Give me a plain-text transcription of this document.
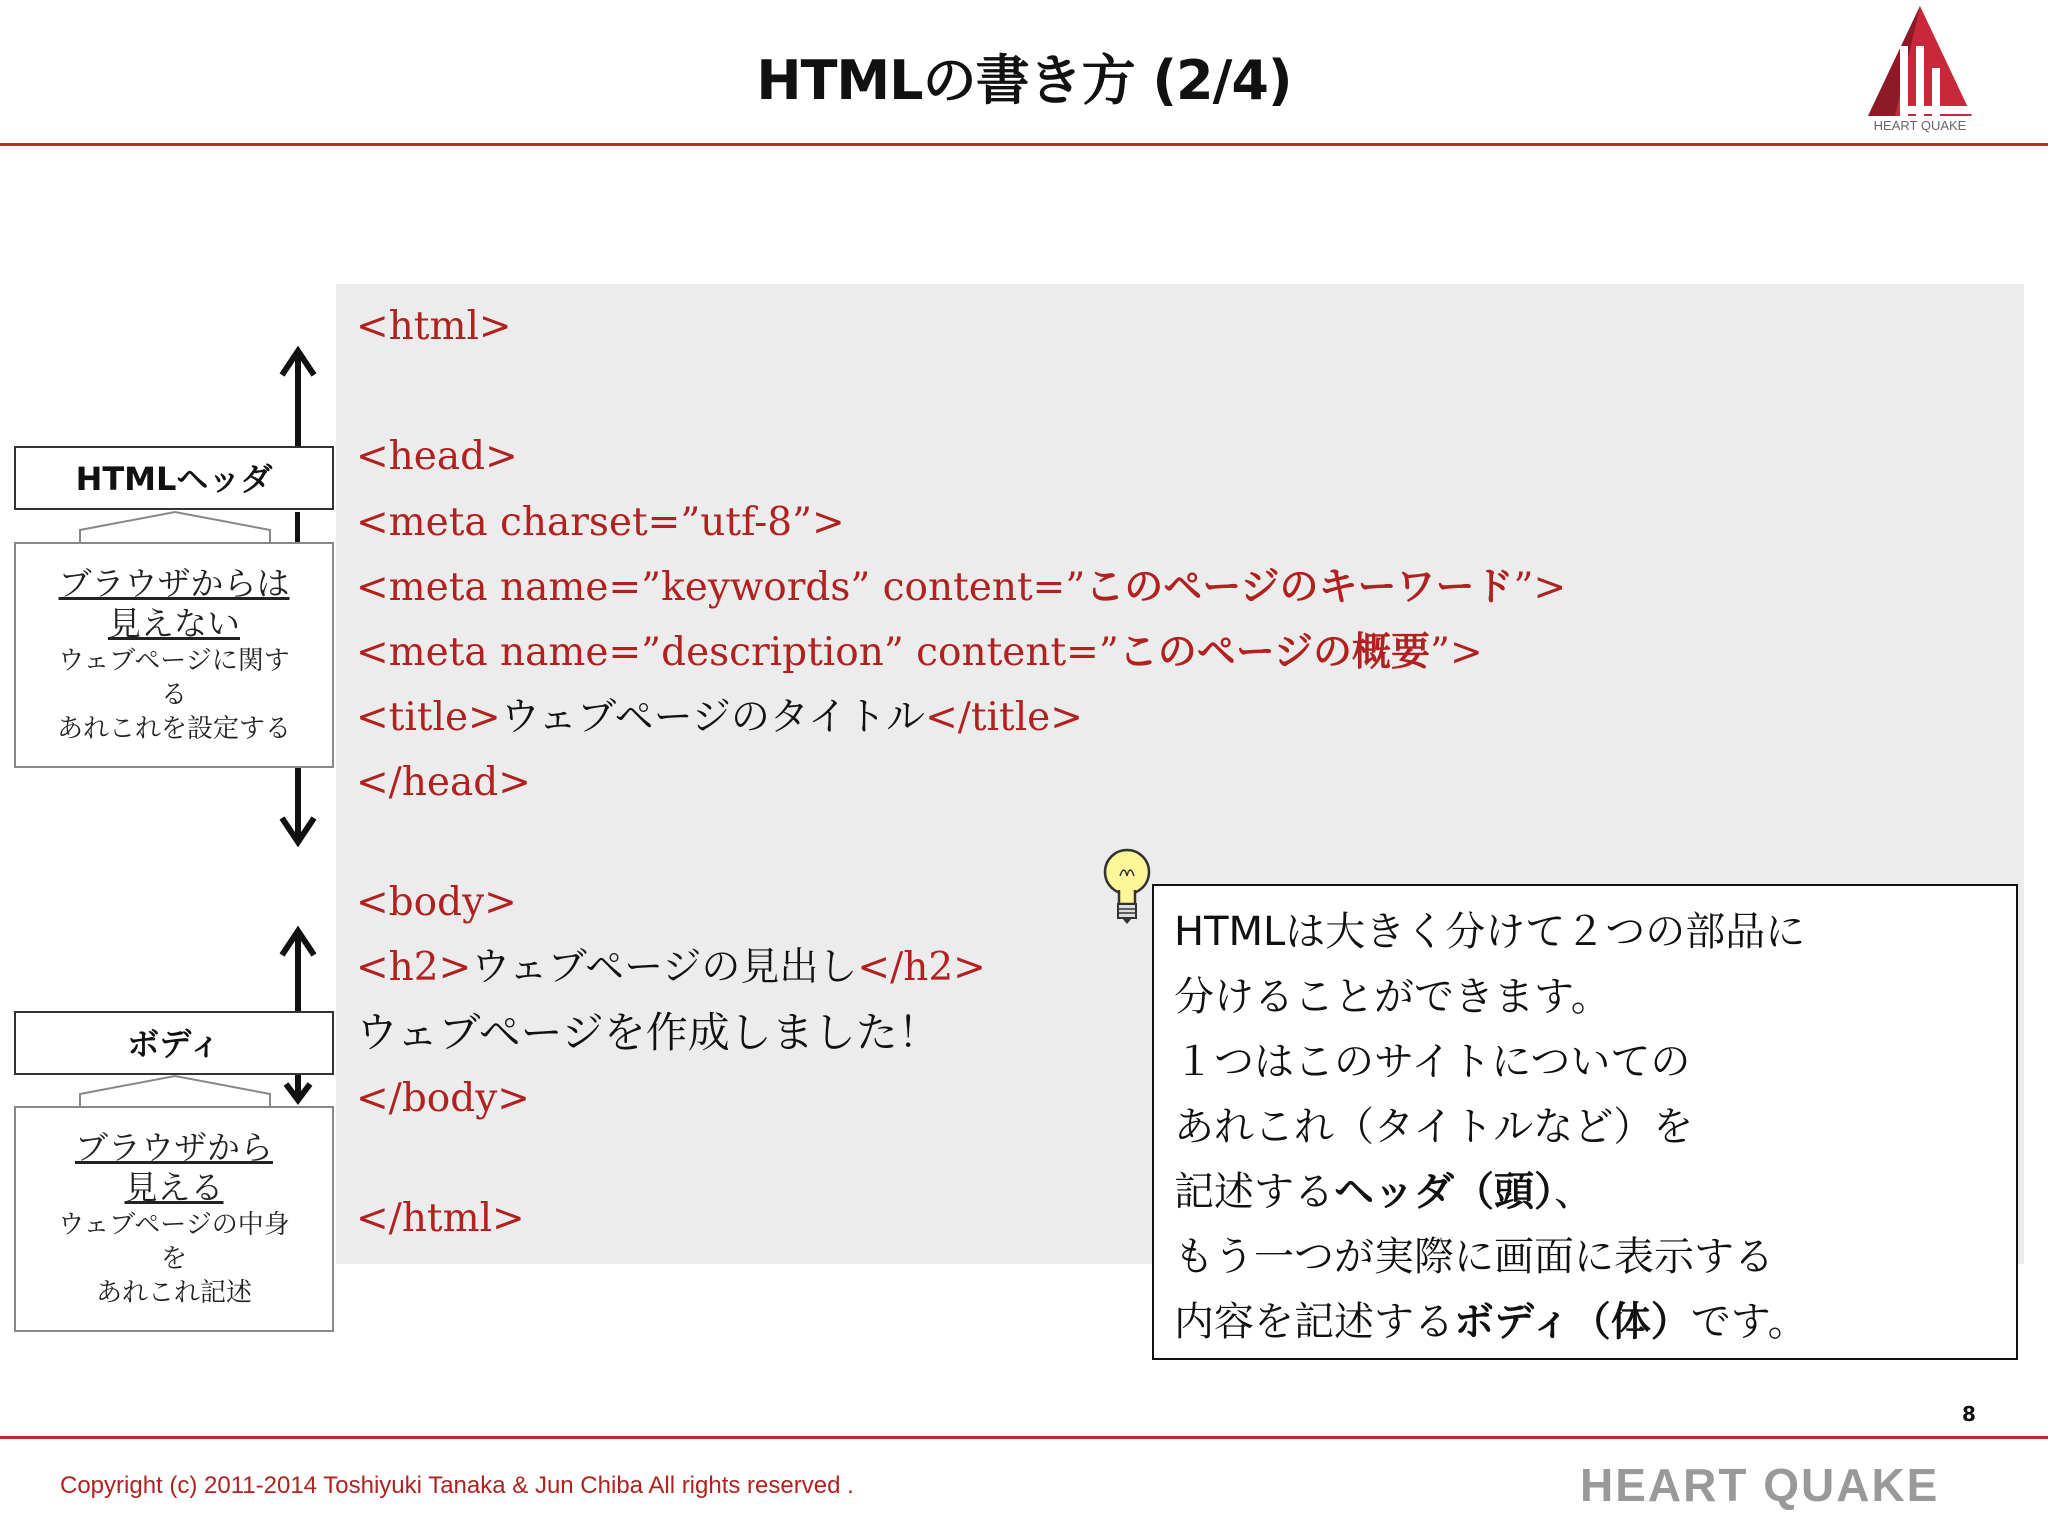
HTMLの書き方 (2/4)
HEART QUAKE
<html>
<head>
<meta charset=”utf-8”>
<meta name=”keywords” content=”このページのキーワード”>
<meta name=”description” content=”このページの概要”>
<title>ウェブページのタイトル</title>
</head>
<body>
<h2>ウェブページの見出し</h2>
ウェブページを作成しました！
</body>
</html>
HTMLヘッダ
ブラウザからは
見えない
ウェブページに関す
る
あれこれを設定する
ボディ
ブラウザから
見える
ウェブページの中身
を
あれこれ記述
HTMLは大きく分けて２つの部品に
分けることができます。
１つはこのサイトについての
あれこれ（タイトルなど）を
記述するヘッダ（頭）、
もう一つが実際に画面に表示する
内容を記述するボディ（体）です。
8
Copyright (c) 2011-2014 Toshiyuki Tanaka & Jun Chiba All rights reserved .	HEART QUAKE
